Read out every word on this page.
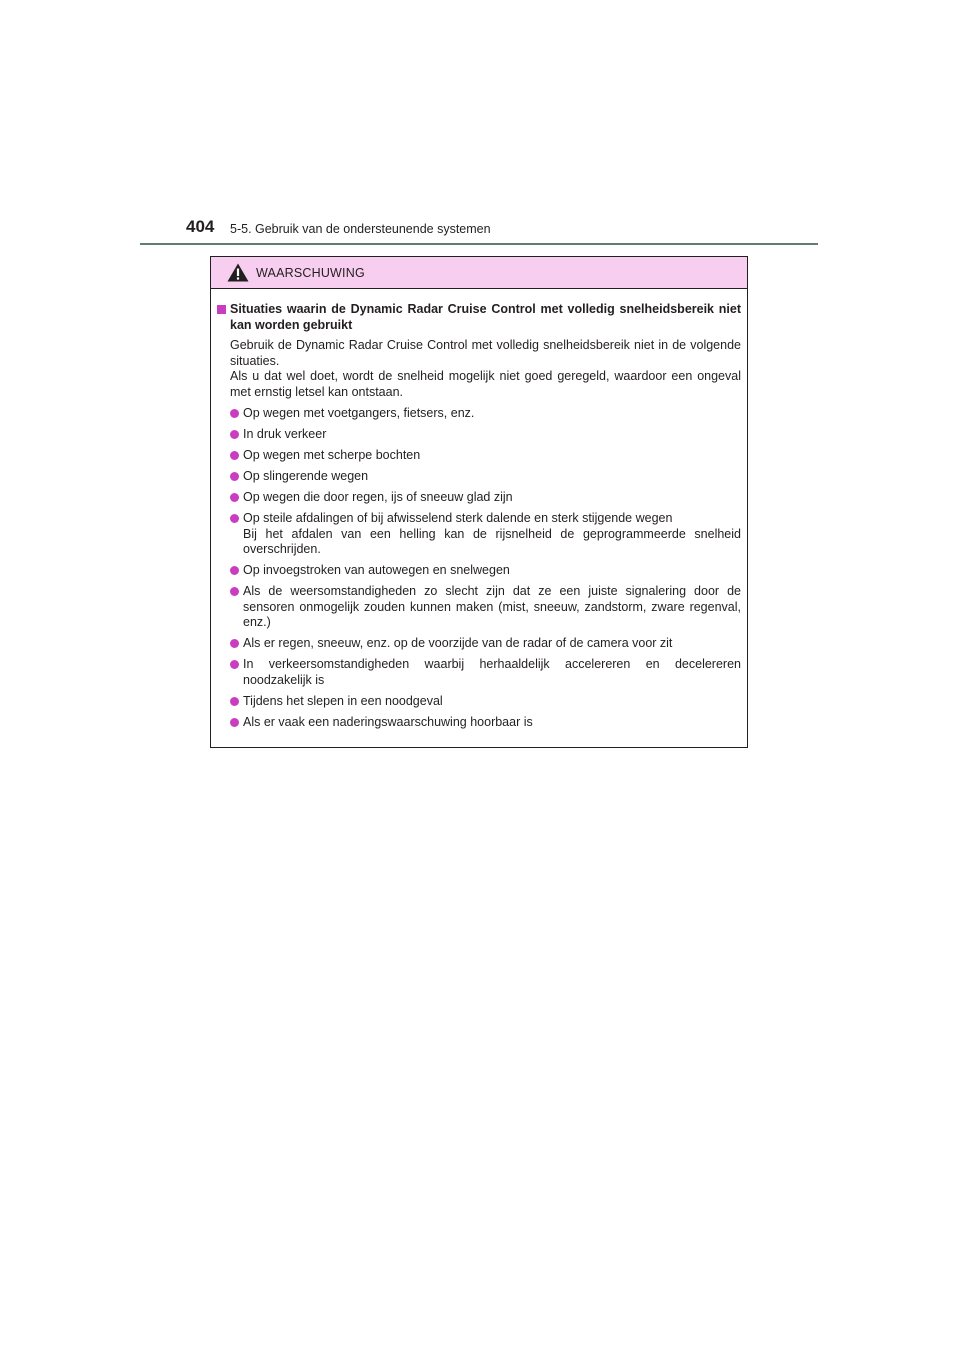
404 5-5. Gebruik van de ondersteunende systemen
WAARSCHUWING
Situaties waarin de Dynamic Radar Cruise Control met volledig snelheidsbereik niet kan worden gebruikt

Gebruik de Dynamic Radar Cruise Control met volledig snelheidsbereik niet in de volgende situaties.

Als u dat wel doet, wordt de snelheid mogelijk niet goed geregeld, waardoor een ongeval met ernstig letsel kan ontstaan.

Op wegen met voetgangers, fietsers, enz.
In druk verkeer
Op wegen met scherpe bochten
Op slingerende wegen
Op wegen die door regen, ijs of sneeuw glad zijn
Op steile afdalingen of bij afwisselend sterk dalende en sterk stijgende wegen
Bij het afdalen van een helling kan de rijsnelheid de geprogrammeerde snelheid overschrijden.
Op invoegstroken van autowegen en snelwegen
Als de weersomstandigheden zo slecht zijn dat ze een juiste signalering door de sensoren onmogelijk zouden kunnen maken (mist, sneeuw, zandstorm, zware regenval, enz.)
Als er regen, sneeuw, enz. op de voorzijde van de radar of de camera voor zit
In verkeersomstandigheden waarbij herhaaldelijk accelereren en decelereren noodzakelijk is
Tijdens het slepen in een noodgeval
Als er vaak een naderingswaarschuwing hoorbaar is
